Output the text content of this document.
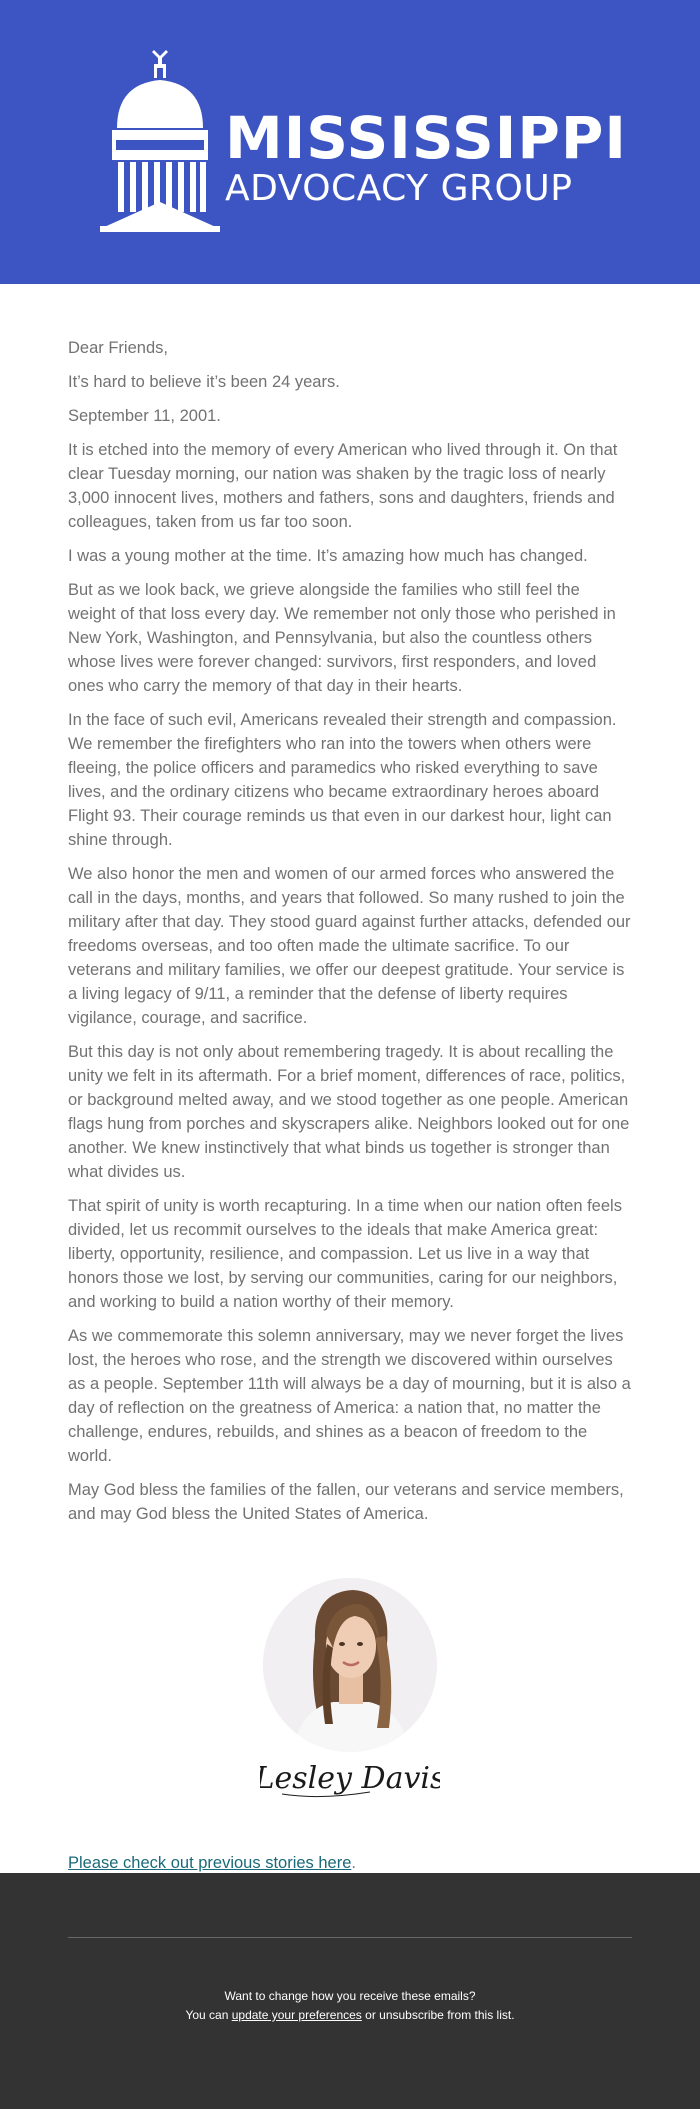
MISSISSIPPI
ADVOCACY GROUP

Dear Friends,

It’s hard to believe it’s been 24 years.

September 11, 2001.

It is etched into the memory of every American who lived through it. On that clear Tuesday morning, our nation was shaken by the tragic loss of nearly 3,000 innocent lives, mothers and fathers, sons and daughters, friends and colleagues, taken from us far too soon.

I was a young mother at the time. It’s amazing how much has changed.

But as we look back, we grieve alongside the families who still feel the weight of that loss every day. We remember not only those who perished in New York, Washington, and Pennsylvania, but also the countless others whose lives were forever changed: survivors, first responders, and loved ones who carry the memory of that day in their hearts.

In the face of such evil, Americans revealed their strength and compassion. We remember the firefighters who ran into the towers when others were fleeing, the police officers and paramedics who risked everything to save lives, and the ordinary citizens who became extraordinary heroes aboard Flight 93. Their courage reminds us that even in our darkest hour, light can shine through.

We also honor the men and women of our armed forces who answered the call in the days, months, and years that followed. So many rushed to join the military after that day. They stood guard against further attacks, defended our freedoms overseas, and too often made the ultimate sacrifice. To our veterans and military families, we offer our deepest gratitude. Your service is a living legacy of 9/11, a reminder that the defense of liberty requires vigilance, courage, and sacrifice.

But this day is not only about remembering tragedy. It is about recalling the unity we felt in its aftermath. For a brief moment, differences of race, politics, or background melted away, and we stood together as one people. American flags hung from porches and skyscrapers alike. Neighbors looked out for one another. We knew instinctively that what binds us together is stronger than what divides us.

That spirit of unity is worth recapturing. In a time when our nation often feels divided, let us recommit ourselves to the ideals that make America great: liberty, opportunity, resilience, and compassion. Let us live in a way that honors those we lost, by serving our communities, caring for our neighbors, and working to build a nation worthy of their memory.

As we commemorate this solemn anniversary, may we never forget the lives lost, the heroes who rose, and the strength we discovered within ourselves as a people. September 11th will always be a day of mourning, but it is also a day of reflection on the greatness of America: a nation that, no matter the challenge, endures, rebuilds, and shines as a beacon of freedom to the world.

May God bless the families of the fallen, our veterans and service members, and may God bless the United States of America.

Lesley Davis
Please check out previous stories here.
Want to change how you receive these emails?
You can update your preferences or unsubscribe from this list.
